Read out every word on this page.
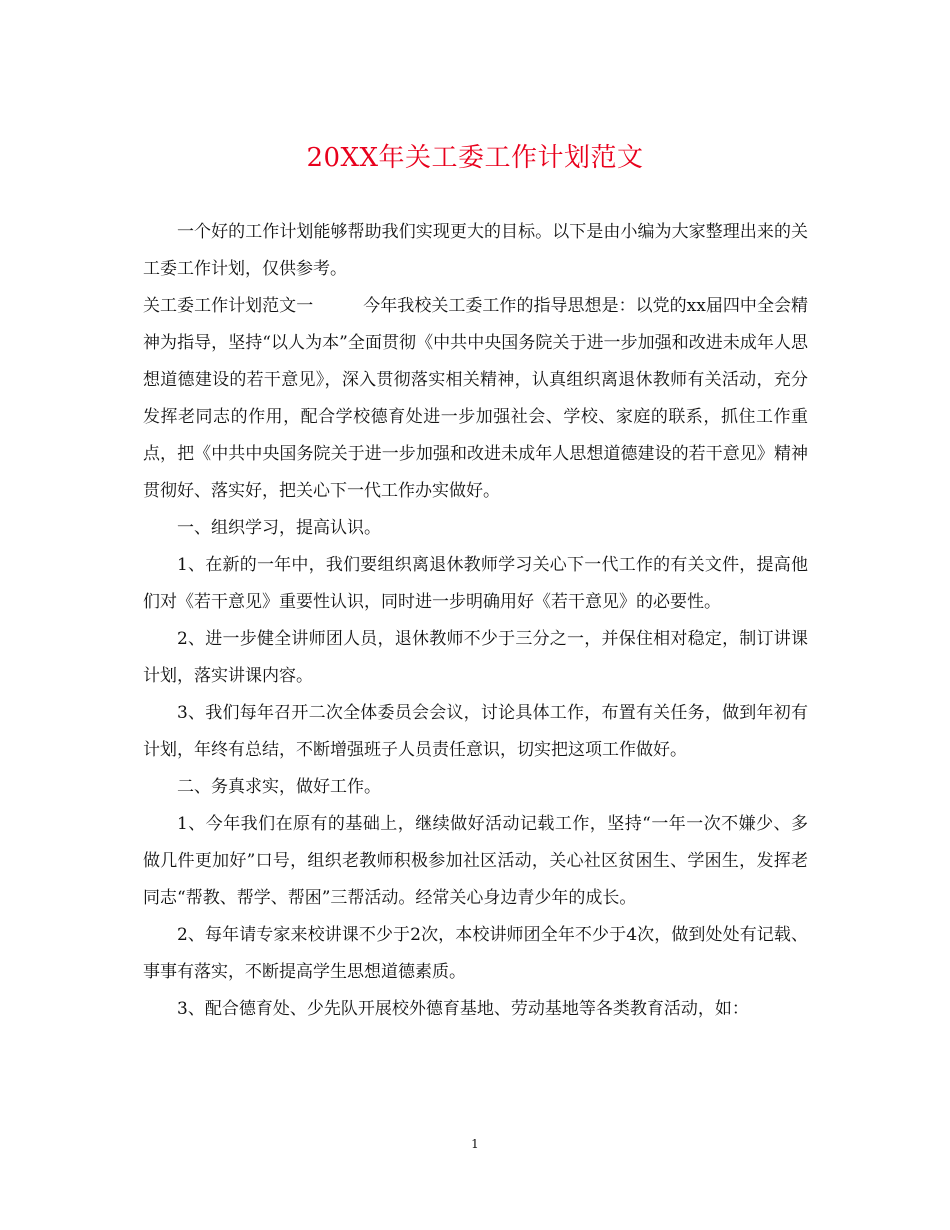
20XX年关工委工作计划范文

一个好的工作计划能够帮助我们实现更大的目标。以下是由小编为大家整理出来的关工委工作计划，仅供参考。

关工委工作计划范文一	今年我校关工委工作的指导思想是：以党的xx届四中全会精神为指导，坚持“以人为本”全面贯彻《中共中央国务院关于进一步加强和改进未成年人思想道德建设的若干意见》，深入贯彻落实相关精神，认真组织离退休教师有关活动，充分发挥老同志的作用，配合学校德育处进一步加强社会、学校、家庭的联系，抓住工作重点，把《中共中央国务院关于进一步加强和改进未成年人思想道德建设的若干意见》精神贯彻好、落实好，把关心下一代工作办实做好。

一、组织学习，提高认识。

1、在新的一年中，我们要组织离退休教师学习关心下一代工作的有关文件，提高他们对《若干意见》重要性认识，同时进一步明确用好《若干意见》的必要性。

2、进一步健全讲师团人员，退休教师不少于三分之一，并保住相对稳定，制订讲课计划，落实讲课内容。

3、我们每年召开二次全体委员会会议，讨论具体工作，布置有关任务，做到年初有计划，年终有总结，不断增强班子人员责任意识，切实把这项工作做好。

二、务真求实，做好工作。

1、今年我们在原有的基础上，继续做好活动记载工作，坚持“一年一次不嫌少、多做几件更加好”口号，组织老教师积极参加社区活动，关心社区贫困生、学困生，发挥老同志“帮教、帮学、帮困”三帮活动。经常关心身边青少年的成长。

2、每年请专家来校讲课不少于2次，本校讲师团全年不少于4次，做到处处有记载、事事有落实，不断提高学生思想道德素质。

3、配合德育处、少先队开展校外德育基地、劳动基地等各类教育活动，如：

1
